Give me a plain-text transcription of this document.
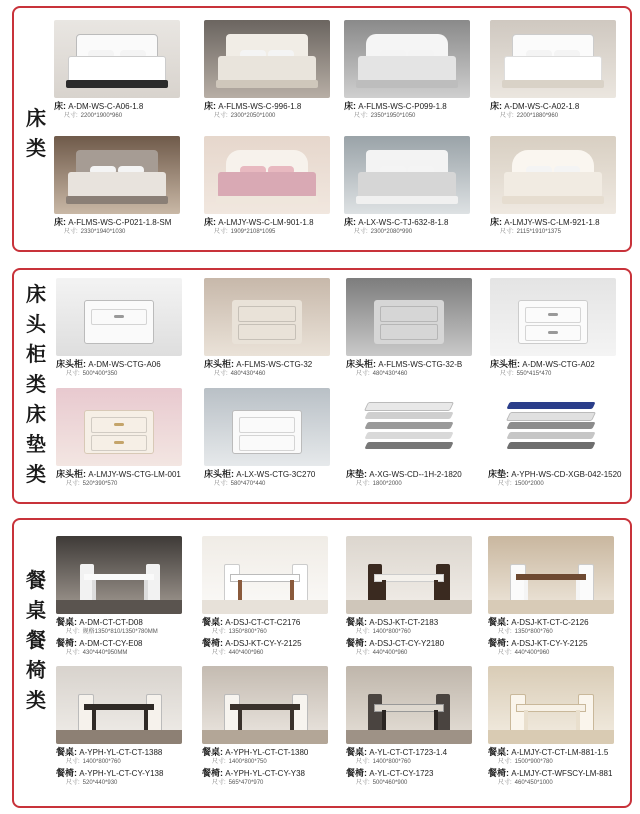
床
类
床: A-DM-WS-C-A06-1.8
尺寸: 2200*1900*960
床: A-FLMS-WS-C-996-1.8
尺寸: 2300*2050*1000
床: A-FLMS-WS-C-P099-1.8
尺寸: 2350*1950*1050
床: A-DM-WS-C-A02-1.8
尺寸: 2200*1880*960
床: A-FLMS-WS-C-P021-1.8-SM
尺寸: 2330*1940*1030
床: A-LMJY-WS-C-LM-901-1.8
尺寸: 1909*2108*1095
床: A-LX-WS-C-TJ-632-8-1.8
尺寸: 2300*2080*990
床: A-LMJY-WS-C-LM-921-1.8
尺寸: 2115*1910*1375
床
头
柜
类
床
垫
类
床头柜: A-DM-WS-CTG-A06
尺寸: 500*400*350
床头柜: A-FLMS-WS-CTG-32
尺寸: 480*430*460
床头柜: A-FLMS-WS-CTG-32-B
尺寸: 480*430*460
床头柜: A-DM-WS-CTG-A02
尺寸: 550*415*470
床头柜: A-LMJY-WS-CTG-LM-001
尺寸: 520*390*570
床头柜: A-LX-WS-CTG-3C270
尺寸: 580*470*440
床垫: A-XG-WS-CD--1H-2-1820
尺寸: 1800*2000
床垫: A-YPH-WS-CD-XGB-042-1520
尺寸: 1500*2000
餐
桌
餐
椅
类
餐桌: A-DM-CT-CT-D08
尺寸: 规格1350*810/1350*780MM
餐椅: A-DM-CT-CY-E08
尺寸: 430*440*950MM
餐桌: A-DSJ-CT-CT-C2176
尺寸: 1350*800*760
餐椅: A-DSJ-KT-CY-Y-2125
尺寸: 440*400*960
餐桌: A-DSJ-KT-CT-2183
尺寸: 1400*800*760
餐椅: A-DSJ-CT-CY-Y2180
尺寸: 440*400*960
餐桌: A-DSJ-KT-CT-C-2126
尺寸: 1350*800*760
餐椅: A-DSJ-KT-CY-Y-2125
尺寸: 440*400*960
餐桌: A-YPH-YL-CT-CT-1388
尺寸: 1400*800*760
餐椅: A-YPH-YL-CT-CY-Y138
尺寸: 520*440*930
餐桌: A-YPH-YL-CT-CT-1380
尺寸: 1400*800*750
餐椅: A-YPH-YL-CT-CY-Y38
尺寸: 565*470*970
餐桌: A-YL-CT-CT-1723-1.4
尺寸: 1400*800*760
餐椅: A-YL-CT-CY-1723
尺寸: 500*460*900
餐桌: A-LMJY-CT-CT-LM-881-1.5
尺寸: 1500*900*780
餐椅: A-LMJY-CT-WFSCY-LM-881
尺寸: 460*450*1000
